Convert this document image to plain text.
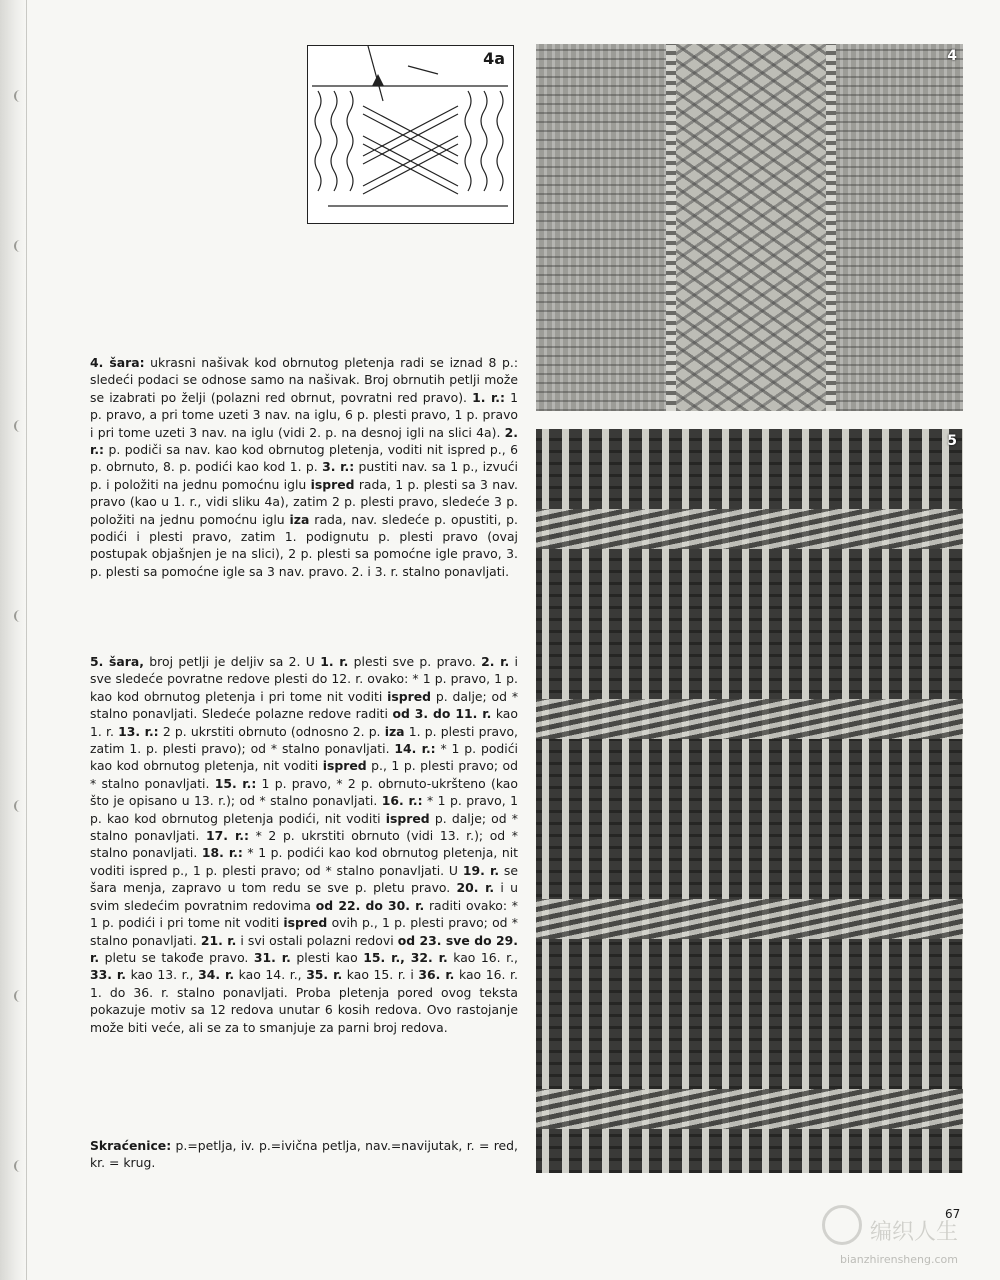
4a	4
5

4. šara: ukrasni našivak kod obrnutog pletenja radi se iznad 8 p.: sledeći podaci se odnose samo na našivak. Broj obrnutih petlji može se izabrati po želji (polazni red obrnut, povratni red pravo). 1. r.: 1 p. pravo, a pri tome uzeti 3 nav. na iglu, 6 p. plesti pravo, 1 p. pravo i pri tome uzeti 3 nav. na iglu (vidi 2. p. na desnoj igli na slici 4a). 2. r.: p. podiči sa nav. kao kod obrnutog pletenja, voditi nit ispred p., 6 p. obrnuto, 8. p. podići kao kod 1. p. 3. r.: pustiti nav. sa 1 p., izvući p. i položiti na jednu pomoćnu iglu ispred rada, 1 p. plesti sa 3 nav. pravo (kao u 1. r., vidi sliku 4a), zatim 2 p. plesti pravo, sledeće 3 p. položiti na jednu pomoćnu iglu iza rada, nav. sledeće p. opustiti, p. podići i plesti pravo, zatim 1. podignutu p. plesti pravo (ovaj postupak objašnjen je na slici), 2 p. plesti sa pomoćne igle pravo, 3. p. plesti sa pomoćne igle sa 3 nav. pravo. 2. i 3. r. stalno ponavljati.

5. šara, broj petlji je deljiv sa 2. U 1. r. plesti sve p. pravo. 2. r. i sve sledeće povratne redove plesti do 12. r. ovako: * 1 p. pravo, 1 p. kao kod obrnutog pletenja i pri tome nit voditi ispred p. dalje; od * stalno ponavljati. Sledeće polazne redove raditi od 3. do 11. r. kao 1. r. 13. r.: 2 p. ukrstiti obrnuto (odnosno 2. p. iza 1. p. plesti pravo, zatim 1. p. plesti pravo); od * stalno ponavljati. 14. r.: * 1 p. podići kao kod obrnutog pletenja, nit voditi ispred p., 1 p. plesti pravo; od * stalno ponavljati. 15. r.: 1 p. pravo, * 2 p. obrnuto-ukršteno (kao što je opisano u 13. r.); od * stalno ponavljati. 16. r.: * 1 p. pravo, 1 p. kao kod obrnutog pletenja podići, nit voditi ispred p. dalje; od * stalno ponavljati. 17. r.: * 2 p. ukrstiti obrnuto (vidi 13. r.); od * stalno ponavljati. 18. r.: * 1 p. podići kao kod obrnutog pletenja, nit voditi ispred p., 1 p. plesti pravo; od * stalno ponavljati. U 19. r. se šara menja, zapravo u tom redu se sve p. pletu pravo. 20. r. i u svim sledećim povratnim redovima od 22. do 30. r. raditi ovako: * 1 p. podići i pri tome nit voditi ispred ovih p., 1 p. plesti pravo; od * stalno ponavljati. 21. r. i svi ostali polazni redovi od 23. sve do 29. r. pletu se takođe pravo. 31. r. plesti kao 15. r., 32. r. kao 16. r., 33. r. kao 13. r., 34. r. kao 14. r., 35. r. kao 15. r. i 36. r. kao 16. r. 1. do 36. r. stalno ponavljati. Proba pletenja pored ovog teksta pokazuje motiv sa 12 redova unutar 6 kosih redova. Ovo rastojanje može biti veće, ali se za to smanjuje za parni broj redova.

Skraćenice: p.=petlja, iv. p.=ivična petlja, nav.=navijutak, r. = red, kr. = krug.

67
编织人生
bianzhirensheng.com
